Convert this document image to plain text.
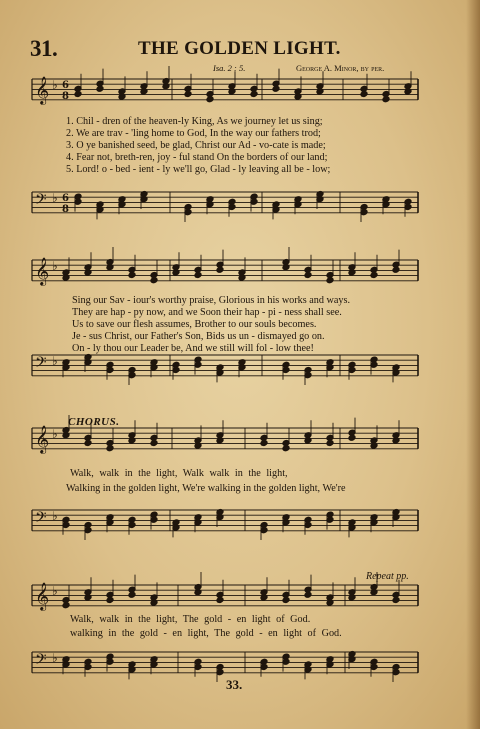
31.	THE GOLDEN LIGHT.
Isa. 2 : 5.	George A. Minor, by per.
𝄞 ♭ 6
8
𝄢 ♭ 6
8
𝄞 ♭
𝄢 ♭
𝄞 ♭
𝄢 ♭
𝄞 ♭
𝄢 ♭
1. Chil - dren of the heaven-ly King, As we journey let us sing;
2. We are trav - 'ling home to God, In the way our fathers trod;
3. O ye banished seed, be glad, Christ our Ad - vo-cate is made;
4. Fear not, breth-ren, joy - ful stand On the borders of our land;
5. Lord! o - bed - ient - ly we'll go, Glad - ly leaving all be - low;
Sing our Sav - iour's worthy praise, Glorious in his works and ways.
They are hap - py now, and we Soon their hap - pi - ness shall see.
Us to save our flesh assumes, Brother to our souls becomes.
Je - sus Christ, our Father's Son, Bids us un - dismayed go on.
On - ly thou our Leader be, And we still will fol - low thee!
CHORUS.
Walk, walk in the light, Walk walk in the light,
Walking in the golden light, We're walking in the golden light, We're
Repeat pp.
Walk, walk in the light, The gold - en light of God.
walking in the gold - en light, The gold - en light of God.
33.
